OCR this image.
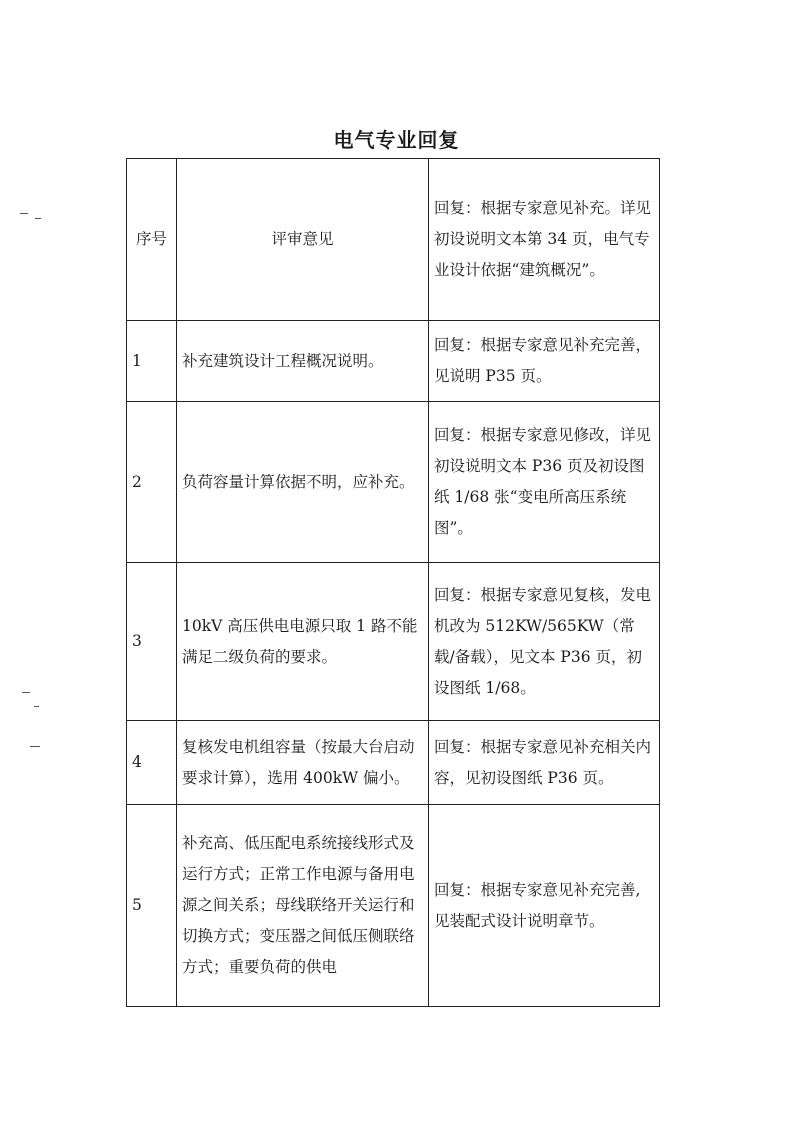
电气专业回复
序号	评审意见	回复：根据专家意见补充。详见初设说明文本第 34 页，电气专业设计依据“建筑概况”。
1	补充建筑设计工程概况说明。	回复：根据专家意见补充完善，见说明 P35 页。
2	负荷容量计算依据不明，应补充。	回复：根据专家意见修改，详见初设说明文本 P36 页及初设图纸 1/68 张“变电所高压系统图”。
3	10kV 高压供电电源只取 1 路不能满足二级负荷的要求。	回复：根据专家意见复核，发电机改为 512KW/565KW（常载/备载），见文本 P36 页，初设图纸 1/68。
4	复核发电机组容量（按最大台启动要求计算），选用 400kW 偏小。	回复：根据专家意见补充相关内容，见初设图纸 P36 页。
5	补充高、低压配电系统接线形式及运行方式；正常工作电源与备用电源之间关系；母线联络开关运行和切换方式；变压器之间低压侧联络方式；重要负荷的供电	回复：根据专家意见补充完善,见装配式设计说明章节。
